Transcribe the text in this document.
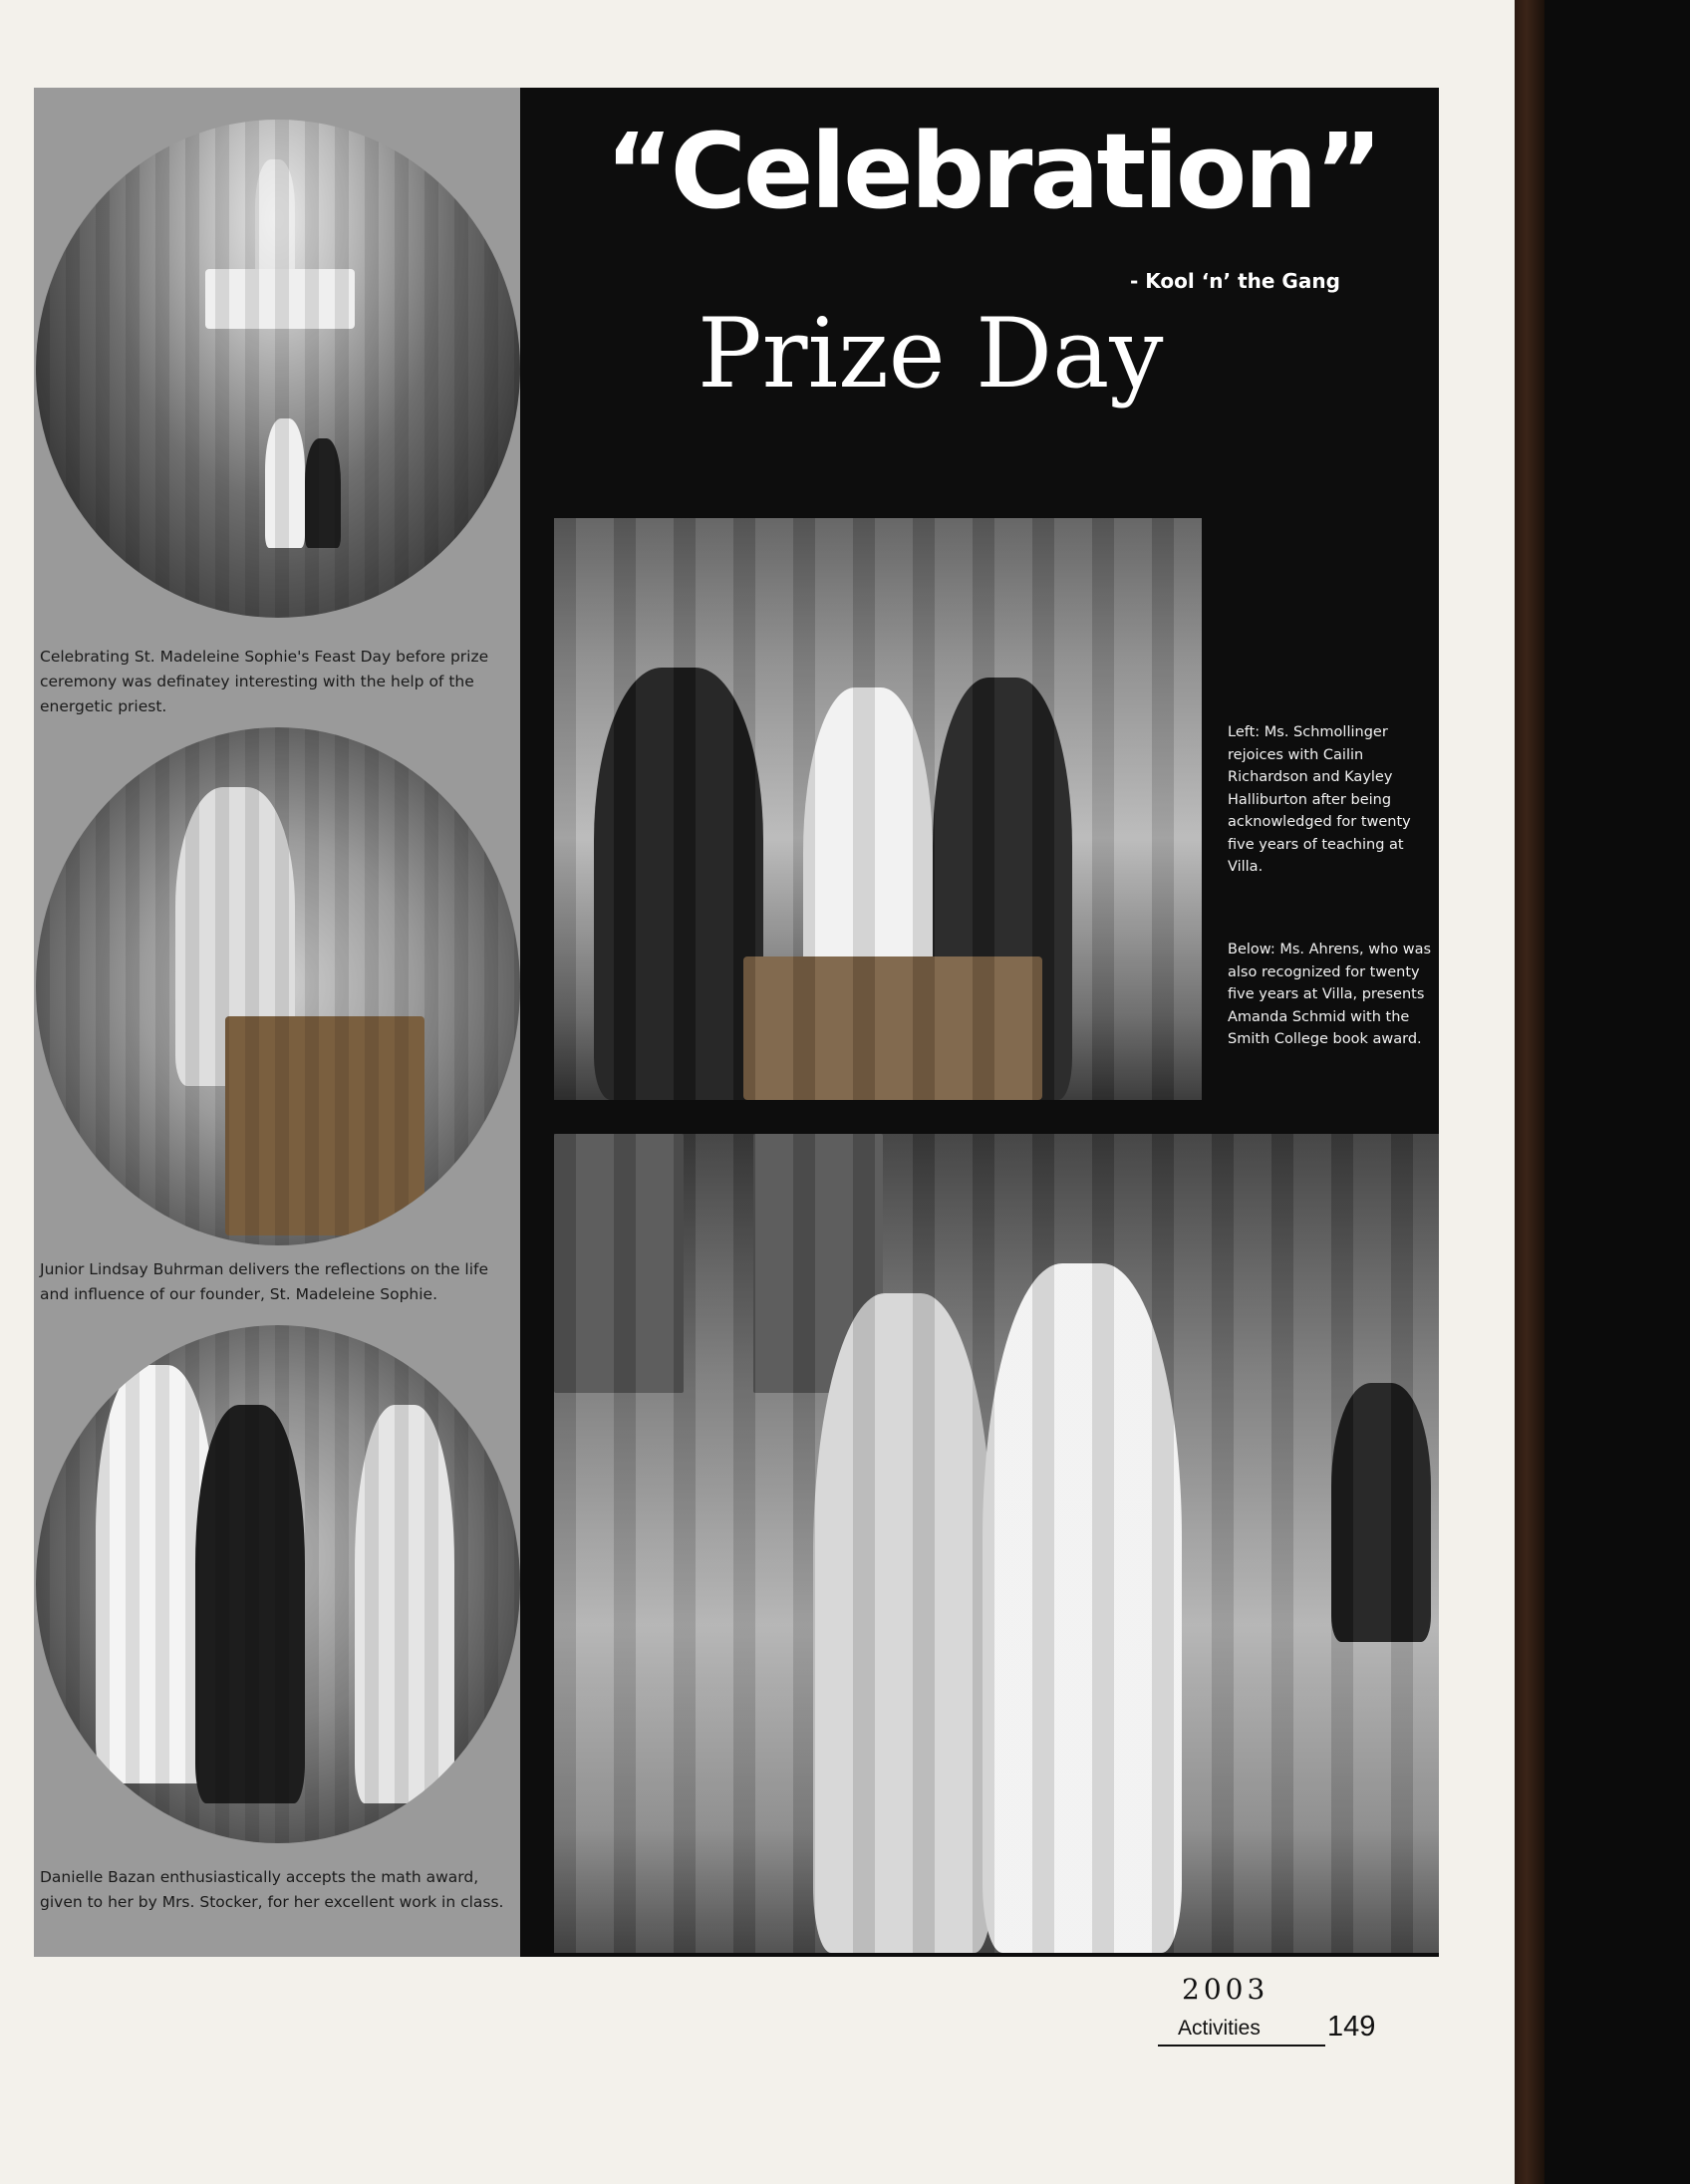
Celebrating St. Madeleine Sophie's Feast Day before prize ceremony was definatey interesting with the help of the energetic priest.
Junior Lindsay Buhrman delivers the reflections on the life and influence of our founder, St. Madeleine Sophie.
Danielle Bazan enthusiastically accepts the math award, given to her by Mrs. Stocker, for her excellent work in class.
“Celebration”
- Kool ‘n’ the Gang
Prize Day
Left: Ms. Schmollinger rejoices with Cailin Richardson and Kayley Halliburton after being acknowledged for twenty five years of teaching at Villa.
Below: Ms. Ahrens, who was also recognized for twenty five years at Villa, presents Amanda Schmid with the Smith College book award.
2003
Activities 149
